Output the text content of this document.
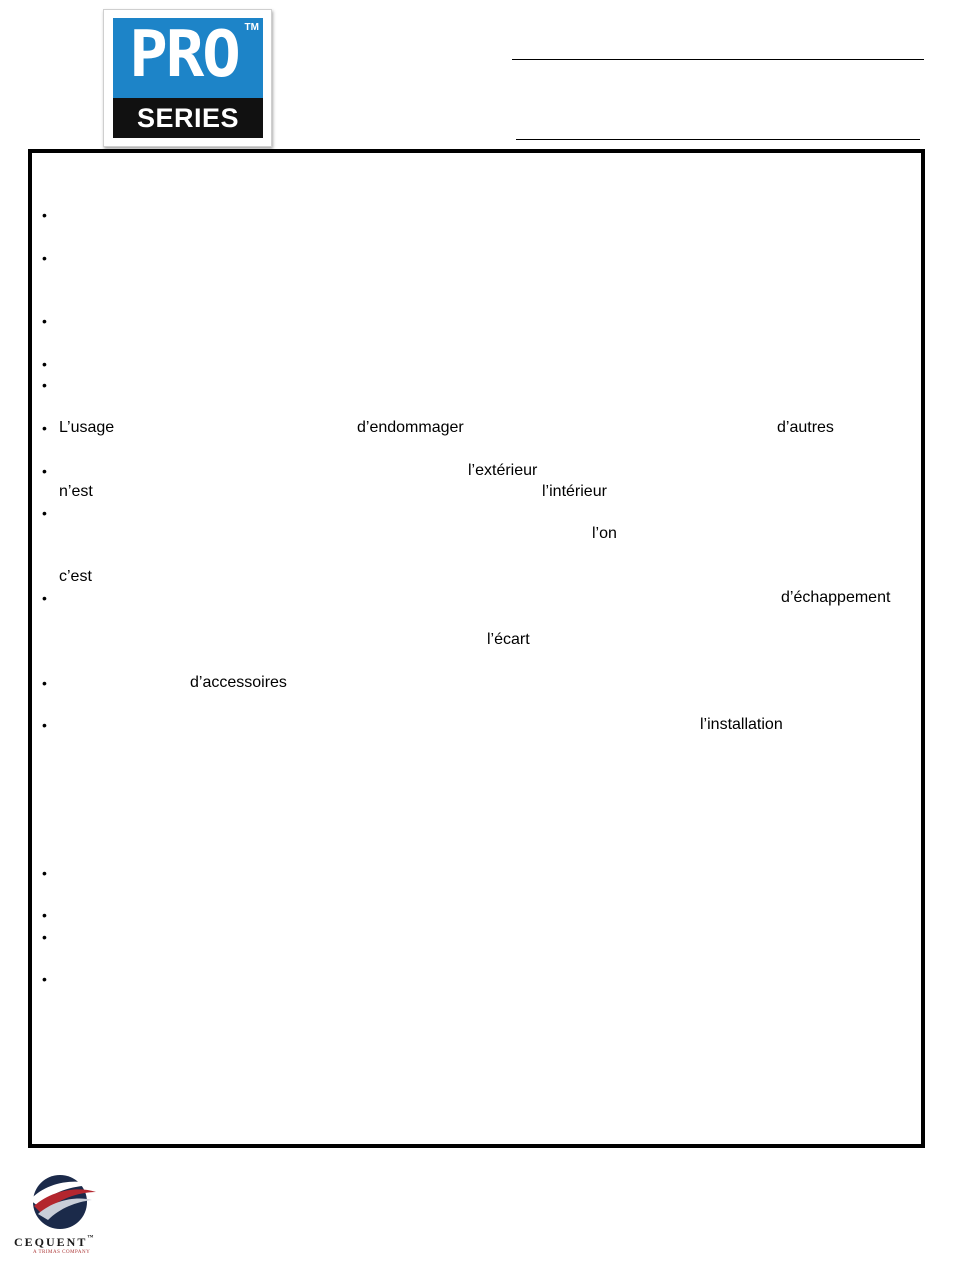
PRO TM
SERIES
•
•
•
•
•
•
•
•
•
•
•
•
•
•
•
L’usage	d’endommager	d’autres
l’extérieur
n’est	l’intérieur
l’on
c’est
d’échappement
l’écart
d’accessoires
l’installation
CEQUENT™
A TRIMAS COMPANY
